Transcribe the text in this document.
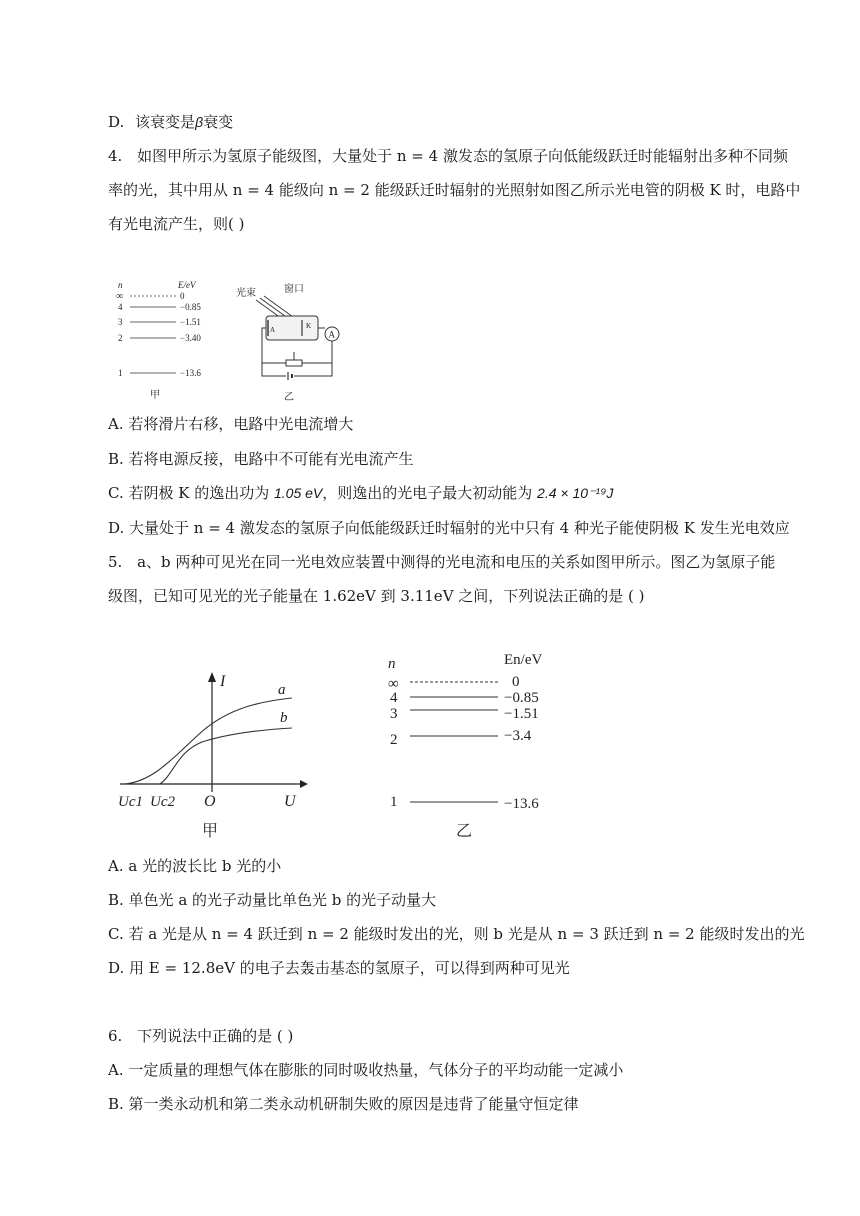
D. 该衰变是β衰变
4. 如图甲所示为氢原子能级图，大量处于 n = 4 激发态的氢原子向低能级跃迁时能辐射出多种不同频
率的光，其中用从 n = 4 能级向 n = 2 能级跃迁时辐射的光照射如图乙所示光电管的阴极 K 时，电路中
有光电流产生，则( )
n	E/eV
∞	0
4	−0.85
3	−1.51
2	−3.40
1	−13.6
甲
光束	窗口
A	K
A
乙
A. 若将滑片右移，电路中光电流增大
B. 若将电源反接，电路中不可能有光电流产生
C. 若阴极 K 的逸出功为 1.05 eV，则逸出的光电子最大初动能为 2.4 × 10⁻¹⁹J
D. 大量处于 n = 4 激发态的氢原子向低能级跃迁时辐射的光中只有 4 种光子能使阴极 K 发生光电效应
5. a、b 两种可见光在同一光电效应装置中测得的光电流和电压的关系如图甲所示。图乙为氢原子能
级图，已知可见光的光子能量在 1.62eV 到 3.11eV 之间，下列说法正确的是 ( )
I
U
O
Uc1 Uc2
a
b
甲
n	En/eV
∞	0
4	−0.85
3	−1.51
2	−3.4
1	−13.6
乙
A. a 光的波长比 b 光的小
B. 单色光 a 的光子动量比单色光 b 的光子动量大
C. 若 a 光是从 n = 4 跃迁到 n = 2 能级时发出的光，则 b 光是从 n = 3 跃迁到 n = 2 能级时发出的光
D. 用 E = 12.8eV 的电子去轰击基态的氢原子，可以得到两种可见光
6. 下列说法中正确的是 ( )
A. 一定质量的理想气体在膨胀的同时吸收热量，气体分子的平均动能一定减小
B. 第一类永动机和第二类永动机研制失败的原因是违背了能量守恒定律
